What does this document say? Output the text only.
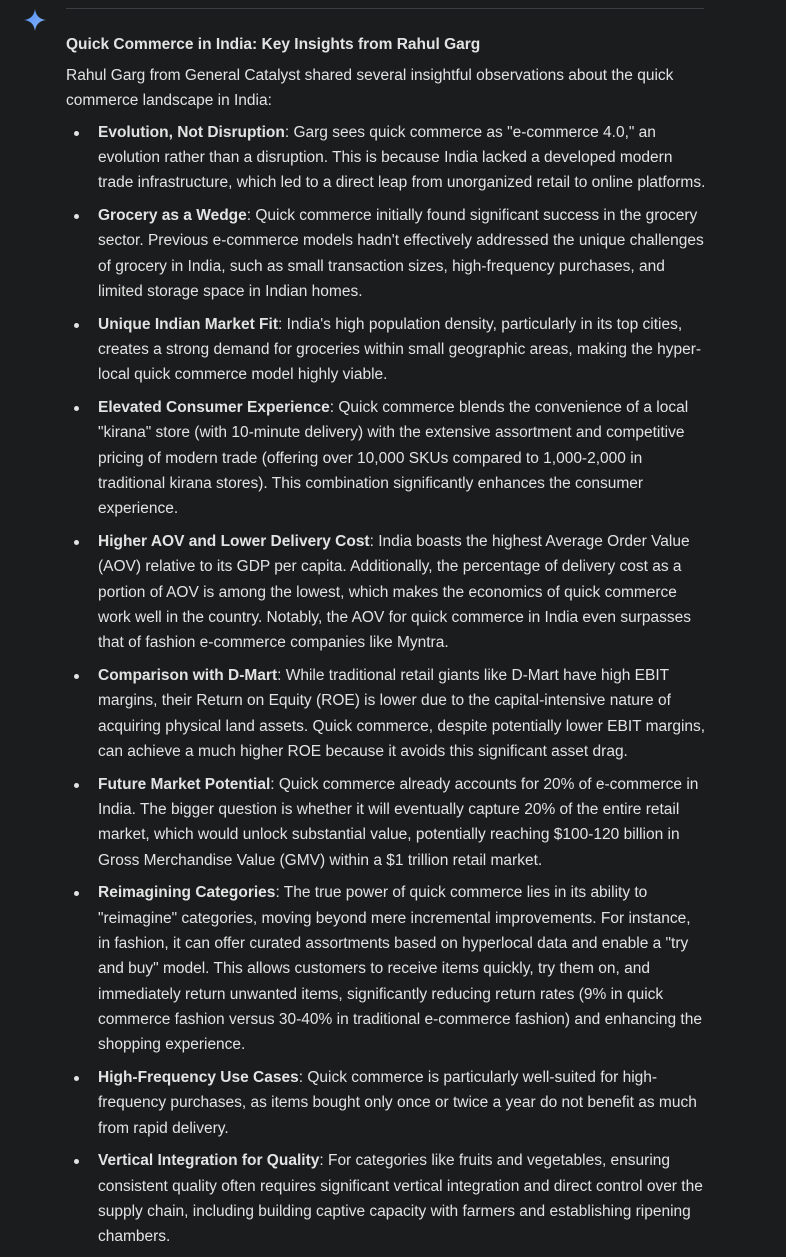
Quick Commerce in India: Key Insights from Rahul Garg
Rahul Garg from General Catalyst shared several insightful observations about the quick commerce landscape in India:
Evolution, Not Disruption: Garg sees quick commerce as "e-commerce 4.0," an evolution rather than a disruption. This is because India lacked a developed modern trade infrastructure, which led to a direct leap from unorganized retail to online platforms.
Grocery as a Wedge: Quick commerce initially found significant success in the grocery sector. Previous e-commerce models hadn't effectively addressed the unique challenges of grocery in India, such as small transaction sizes, high-frequency purchases, and limited storage space in Indian homes.
Unique Indian Market Fit: India's high population density, particularly in its top cities, creates a strong demand for groceries within small geographic areas, making the hyper-local quick commerce model highly viable.
Elevated Consumer Experience: Quick commerce blends the convenience of a local "kirana" store (with 10-minute delivery) with the extensive assortment and competitive pricing of modern trade (offering over 10,000 SKUs compared to 1,000-2,000 in traditional kirana stores). This combination significantly enhances the consumer experience.
Higher AOV and Lower Delivery Cost: India boasts the highest Average Order Value (AOV) relative to its GDP per capita. Additionally, the percentage of delivery cost as a portion of AOV is among the lowest, which makes the economics of quick commerce work well in the country. Notably, the AOV for quick commerce in India even surpasses that of fashion e-commerce companies like Myntra.
Comparison with D-Mart: While traditional retail giants like D-Mart have high EBIT margins, their Return on Equity (ROE) is lower due to the capital-intensive nature of acquiring physical land assets. Quick commerce, despite potentially lower EBIT margins, can achieve a much higher ROE because it avoids this significant asset drag.
Future Market Potential: Quick commerce already accounts for 20% of e-commerce in India. The bigger question is whether it will eventually capture 20% of the entire retail market, which would unlock substantial value, potentially reaching $100-120 billion in Gross Merchandise Value (GMV) within a $1 trillion retail market.
Reimagining Categories: The true power of quick commerce lies in its ability to "reimagine" categories, moving beyond mere incremental improvements. For instance, in fashion, it can offer curated assortments based on hyperlocal data and enable a "try and buy" model. This allows customers to receive items quickly, try them on, and immediately return unwanted items, significantly reducing return rates (9% in quick commerce fashion versus 30-40% in traditional e-commerce fashion) and enhancing the shopping experience.
High-Frequency Use Cases: Quick commerce is particularly well-suited for high-frequency purchases, as items bought only once or twice a year do not benefit as much from rapid delivery.
Vertical Integration for Quality: For categories like fruits and vegetables, ensuring consistent quality often requires significant vertical integration and direct control over the supply chain, including building captive capacity with farmers and establishing ripening chambers.
